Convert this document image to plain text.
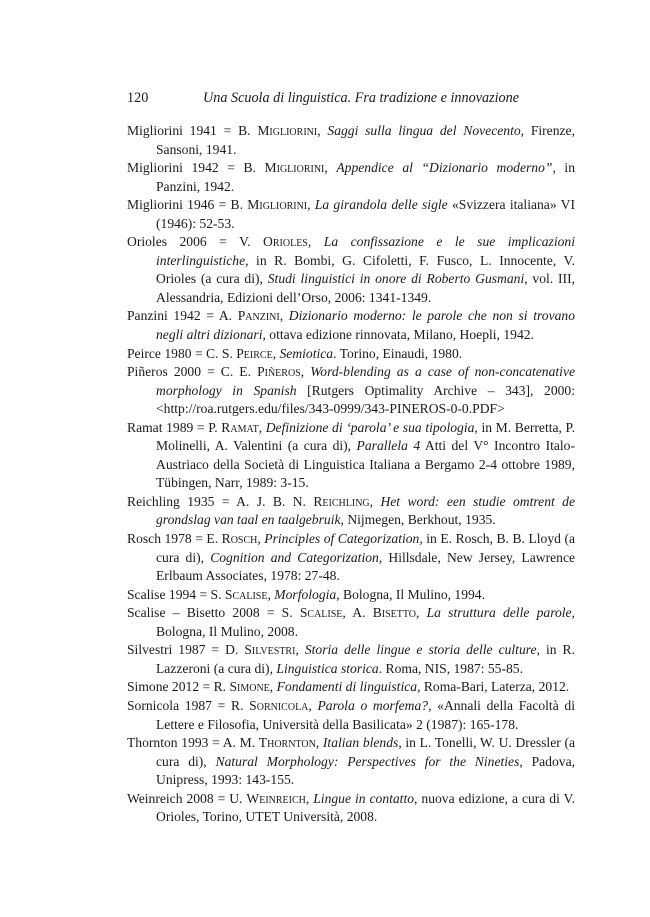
120	Una Scuola di linguistica. Fra tradizione e innovazione

Migliorini 1941 = B. Migliorini, Saggi sulla lingua del Novecento, Firenze, Sansoni, 1941.

Migliorini 1942 = B. Migliorini, Appendice al “Dizionario moderno”, in Panzini, 1942.

Migliorini 1946 = B. Migliorini, La girandola delle sigle «Svizzera italiana» VI (1946): 52-53.

Orioles 2006 = V. Orioles, La confissazione e le sue implicazioni interlinguistiche, in R. Bombi, G. Cifoletti, F. Fusco, L. Innocente, V. Orioles (a cura di), Studi linguistici in onore di Roberto Gusmani, vol. III, Alessandria, Edizioni dell’Orso, 2006: 1341-1349.

Panzini 1942 = A. Panzini, Dizionario moderno: le parole che non si trovano negli altri dizionari, ottava edizione rinnovata, Milano, Hoepli, 1942.

Peirce 1980 = C. S. Peirce, Semiotica. Torino, Einaudi, 1980.

Piñeros 2000 = C. E. Piñeros, Word-blending as a case of non-concatenative morphology in Spanish [Rutgers Optimality Archive – 343], 2000: <http://roa.rutgers.edu/files/343-0999/343-PINEROS-0-0.PDF>

Ramat 1989 = P. Ramat, Definizione di ‘parola’ e sua tipologia, in M. Berretta, P. Molinelli, A. Valentini (a cura di), Parallela 4 Atti del V° Incontro Italo-Austriaco della Società di Linguistica Italiana a Bergamo 2-4 ottobre 1989, Tübingen, Narr, 1989: 3-15.

Reichling 1935 = A. J. B. N. Reichling, Het word: een studie omtrent de grondslag van taal en taalgebruik, Nijmegen, Berkhout, 1935.

Rosch 1978 = E. Rosch, Principles of Categorization, in E. Rosch, B. B. Lloyd (a cura di), Cognition and Categorization, Hillsdale, New Jersey, Lawrence Erlbaum Associates, 1978: 27-48.

Scalise 1994 = S. Scalise, Morfologia, Bologna, Il Mulino, 1994.

Scalise – Bisetto 2008 = S. Scalise, A. Bisetto, La struttura delle parole, Bologna, Il Mulino, 2008.

Silvestri 1987 = D. Silvestri, Storia delle lingue e storia delle culture, in R. Lazzeroni (a cura di), Linguistica storica. Roma, NIS, 1987: 55-85.

Simone 2012 = R. Simone, Fondamenti di linguistica, Roma-Bari, Laterza, 2012.

Sornicola 1987 = R. Sornicola, Parola o morfema?, «Annali della Facoltà di Lettere e Filosofia, Università della Basilicata» 2 (1987): 165-178.

Thornton 1993 = A. M. Thornton, Italian blends, in L. Tonelli, W. U. Dressler (a cura di), Natural Morphology: Perspectives for the Nineties, Padova, Unipress, 1993: 143-155.

Weinreich 2008 = U. Weinreich, Lingue in contatto, nuova edizione, a cura di V. Orioles, Torino, UTET Università, 2008.
